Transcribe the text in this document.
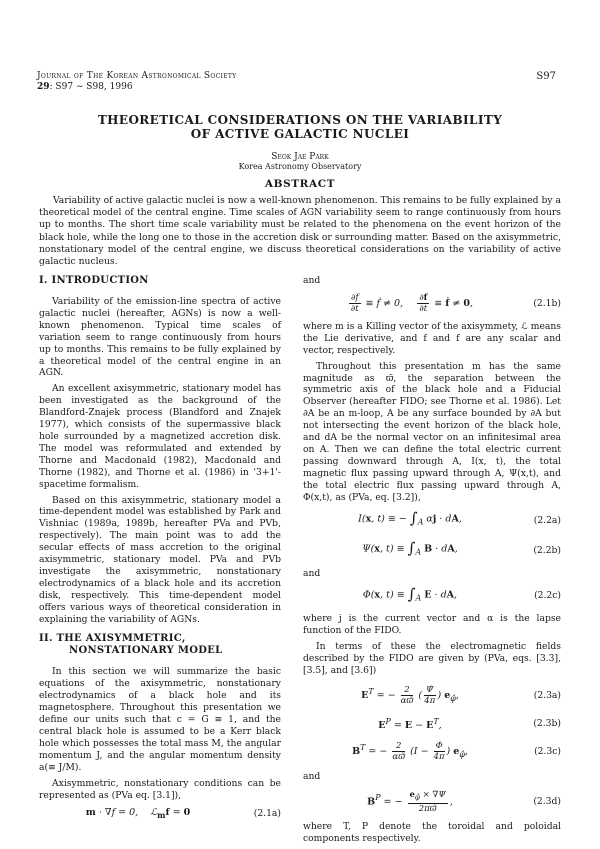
Journal of The Korean Astronomical Society
29: S97 ∼ S98, 1996
S97
THEORETICAL CONSIDERATIONS ON THE VARIABILITY
OF ACTIVE GALACTIC NUCLEI
Seok Jae Park
Korea Astronomy Observatory
ABSTRACT
Variability of active galactic nuclei is now a well-known phenomenon. This remains to be fully explained by a theoretical model of the central engine. Time scales of AGN variability seem to range continuously from hours up to months. The short time scale variability must be related to the phenomena on the event horizon of the black hole, while the long one to those in the accretion disk or surrounding matter. Based on the axisymmetric, nonstationary model of the central engine, we discuss theoretical considerations on the variability of active galactic nucleus.
I. INTRODUCTION

Variability of the emission-line spectra of active galactic nuclei (hereafter, AGNs) is now a well-known phenomenon. Typical time scales of variation seem to range continuously from hours up to months. This remains to be fully explained by a theoretical model of the central engine in an AGN.

An excellent axisymmetric, stationary model has been investigated as the background of the Blandford-Znajek process (Blandford and Znajek 1977), which consists of the supermassive black hole surrounded by a magnetized accretion disk. The model was reformulated and extended by Thorne and Macdonald (1982), Macdonald and Thorne (1982), and Thorne et al. (1986) in '3+1'-spacetime formalism.

Based on this axisymmetric, stationary model a time-dependent model was established by Park and Vishniac (1989a, 1989b, hereafter PVa and PVb, respectively). The main point was to add the secular effects of mass accretion to the original axisymmetric, stationary model. PVa and PVb investigate the axisymmetric, nonstationary electrodynamics of a black hole and its accretion disk, respectively. This time-dependent model offers various ways of theoretical consideration in explaining the variability of AGNs.

II. THE AXISYMMETRIC, NONSTATIONARY MODEL

In this section we will summarize the basic equations of the axisymmetric, nonstationary electrodynamics of a black hole and its magnetosphere. Throughout this presentation we define our units such that c = G ≡ 1, and the central black hole is assumed to be a Kerr black hole which possesses the total mass M, the angular momentum J, and the angular momentum density a(≡ J/M).

Axisymmetric, nonstationary conditions can be represented as (PVa eq. [3.1]),

m · ∇f = 0,    ℒ$_m$f = 0	(2.1a)

and

$\frac{\partial f}{\partial t}$ ≡ ḟ ≠ 0, $\frac{\partial f}{\partial t}$ ≡ ḟ ≠ 0,	(2.1b)

where m is a Killing vector of the axisymmety, ℒ means the Lie derivative, and f and f are any scalar and vector, respectively.

Throughout this presentation m has the same magnitude as ϖ̃, the separation between the symmetric axis of the black hole and a Fiducial Observer (hereafter FIDO; see Thorne et al. 1986). Let ∂A be an m-loop, A be any surface bounded by ∂A but not intersecting the event horizon of the black hole, and dA be the normal vector on an infinitesimal area on A. Then we can define the total electric current passing downward through A, I(x, t), the total magnetic flux passing upward through A, Ψ(x,t), and the total electric flux passing upward through A, Φ(x,t), as (PVa, eq. [3.2]),

I(x, t) ≡ − $\int_A$ αj · dA,	(2.2a)
Ψ(x, $t) \equiv \int_A$ B · dA,	(2.2b)

and

Φ(x, $t) \equiv \int_A$ E · dA,	(2.2c)

where j is the current vector and α is the lapse function of the FIDO.

In terms of these the electromagnetic fields described by the FIDO are given by (PVa, eqs. [3.3], [3.5], and [3.6])

$E^T$ = − $\frac{2}{\alpha ϖ̃}$ ( $\frac{\Psi̇}{4\pi}$ ) $e_{\varphî}$,	(2.3a)
$E^P = E - E^T$,	(2.3b)
$B^T$ = − $\frac{2}{\alpha ϖ̃} (I - \frac{\Phi̇}{4\pi}$ ) $e_{\varphî}$,	(2.3c)

and

$B^P$ = − $\frac{e_{\varphî} \times \nabla\Psi}{2\pi ϖ̃}$ ,	(2.3d)

where T, P denote the toroidal and poloidal components respectively.
